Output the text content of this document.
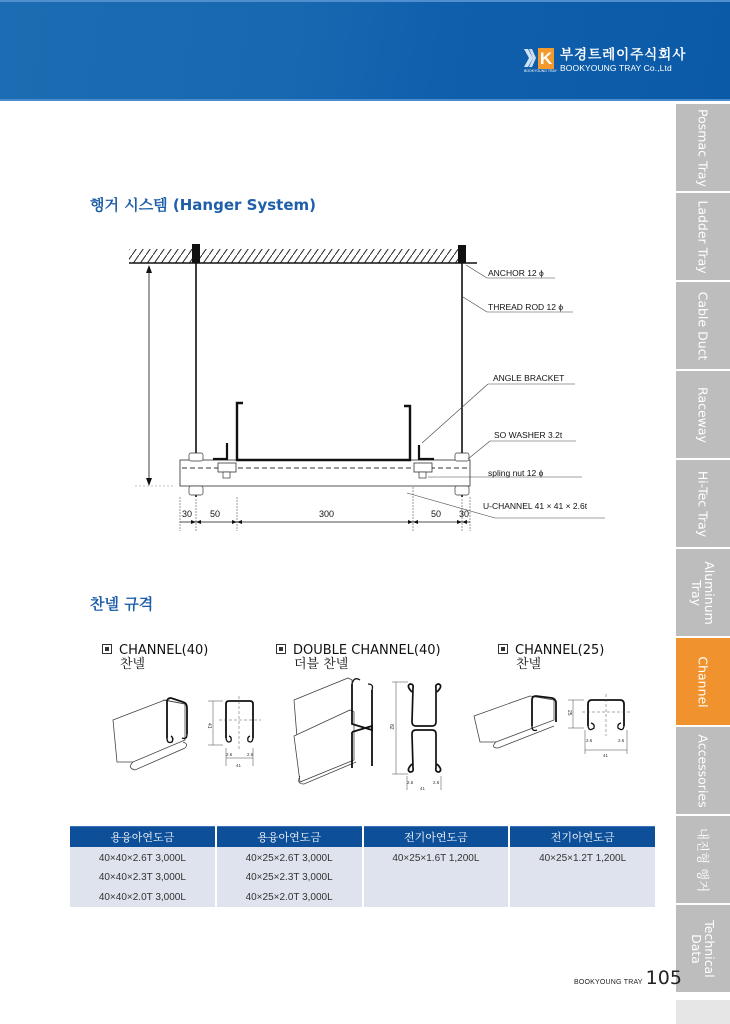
K
BOOKYOUNG TRAY
부경트레이주식회사
BOOKYOUNG TRAY Co.,Ltd
Posmac Tray
Ladder Tray
Cable Duct
Raceway
Hi-Tec Tray
Aluminum Tray
Channel
Accessories
내진형 행거
Technical Data
행거 시스템 (Hanger System)
ANCHOR 12 ϕ
THREAD ROD 12 ϕ
ANGLE BRACKET
SO WASHER 3.2t
spling nut 12 ϕ
U-CHANNEL 41 × 41 × 2.6t
30 50	300	50 30
찬넬 규격
CHANNEL(40)
찬넬
DOUBLE CHANNEL(40)
더블 찬넬
CHANNEL(25)
찬넬
41
2.6	2.6
41
82
2.6	2.6
41
25
2.6	2.6
41
용융아연도금	용융아연도금	전기아연도금	전기아연도금
40×40×2.6T 3,000L	40×25×2.6T 3,000L	40×25×1.6T 1,200L	40×25×1.2T 1,200L
40×40×2.3T 3,000L	40×25×2.3T 3,000L		
40×40×2.0T 3,000L	40×25×2.0T 3,000L		
BOOKYOUNG TRAY 105
